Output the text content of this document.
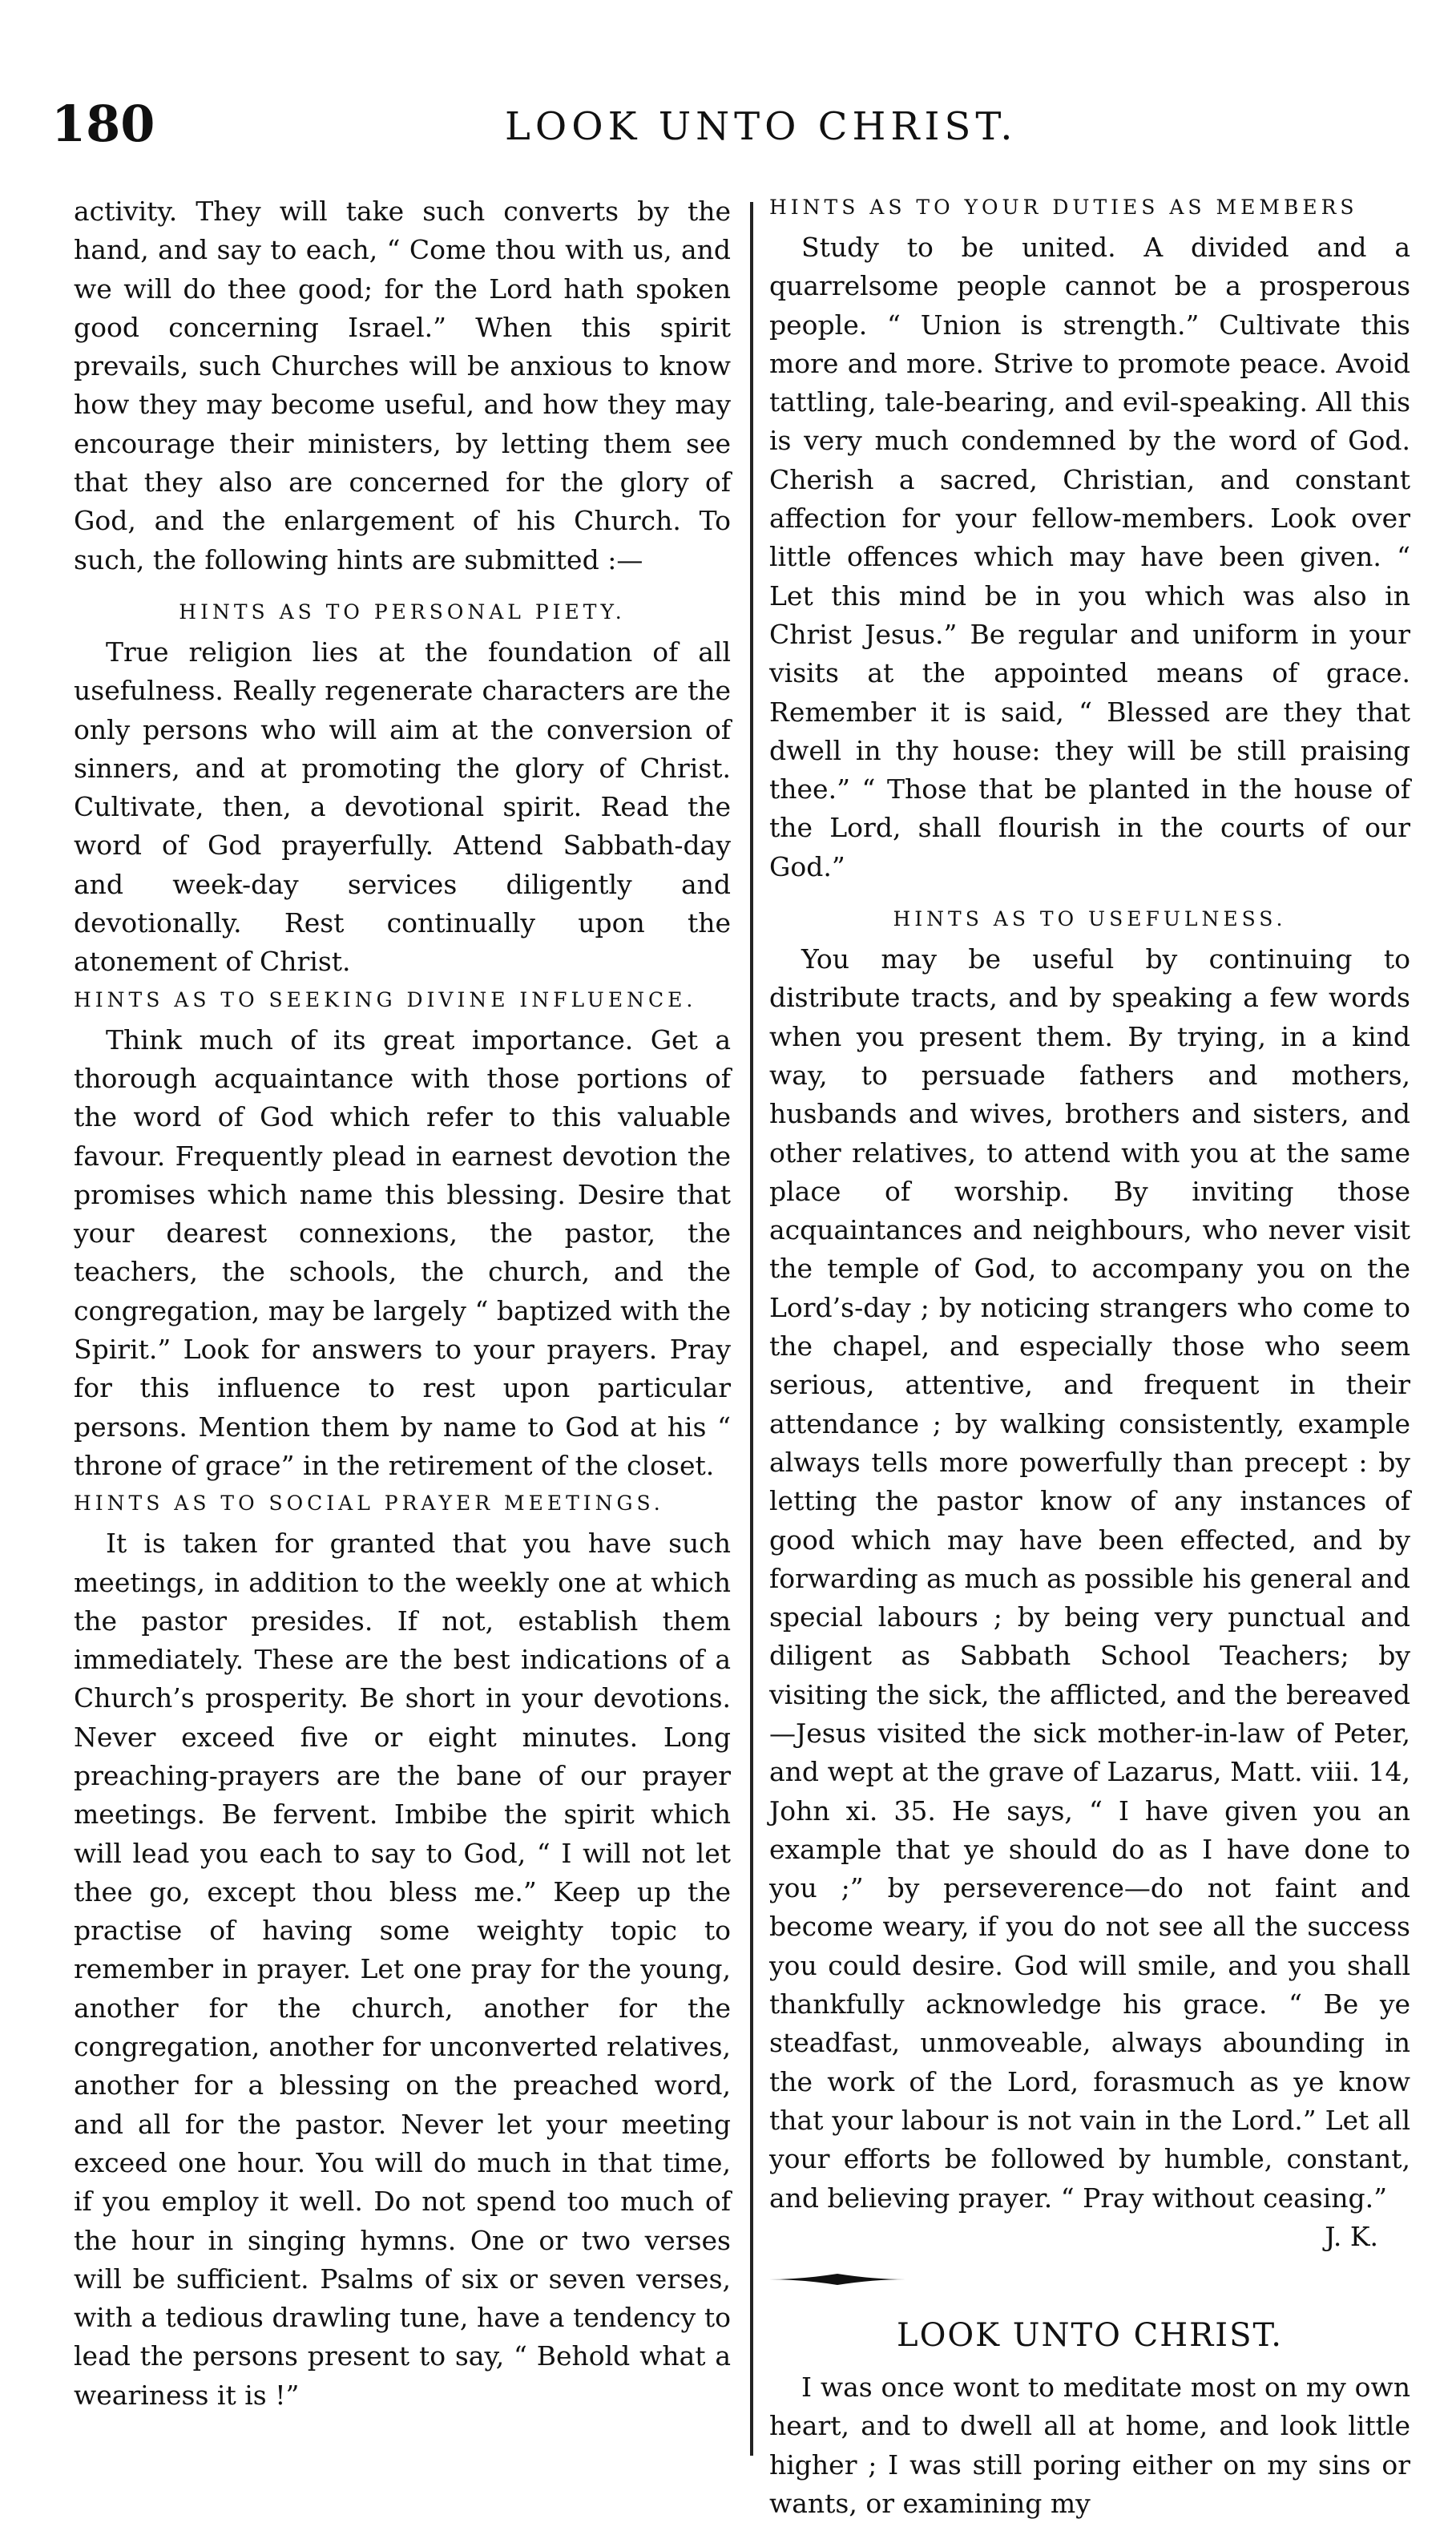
180	LOOK UNTO CHRIST.

activity. They will take such converts by the hand, and say to each, “ Come thou with us, and we will do thee good; for the Lord hath spoken good concerning Israel.” When this spirit prevails, such Churches will be anxious to know how they may become useful, and how they may encourage their ministers, by letting them see that they also are concerned for the glory of God, and the enlargement of his Church. To such, the following hints are submitted :—

HINTS AS TO PERSONAL PIETY.

True religion lies at the foundation of all usefulness. Really regenerate characters are the only persons who will aim at the conversion of sinners, and at promoting the glory of Christ. Cultivate, then, a devotional spirit. Read the word of God prayerfully. Attend Sabbath-day and week-day services diligently and devotionally. Rest continually upon the atonement of Christ.

HINTS AS TO SEEKING DIVINE INFLUENCE.

Think much of its great importance. Get a thorough acquaintance with those portions of the word of God which refer to this valuable favour. Frequently plead in earnest devotion the promises which name this blessing. Desire that your dearest connexions, the pastor, the teachers, the schools, the church, and the congregation, may be largely “ baptized with the Spirit.” Look for answers to your prayers. Pray for this influence to rest upon particular persons. Mention them by name to God at his “ throne of grace” in the retirement of the closet.

HINTS AS TO SOCIAL PRAYER MEETINGS.

It is taken for granted that you have such meetings, in addition to the weekly one at which the pastor presides. If not, establish them immediately. These are the best indications of a Church’s prosperity. Be short in your devotions. Never exceed five or eight minutes. Long preaching-prayers are the bane of our prayer meetings. Be fervent. Imbibe the spirit which will lead you each to say to God, “ I will not let thee go, except thou bless me.” Keep up the practise of having some weighty topic to remember in prayer. Let one pray for the young, another for the church, another for the congregation, another for unconverted relatives, another for a blessing on the preached word, and all for the pastor. Never let your meeting exceed one hour. You will do much in that time, if you employ it well. Do not spend too much of the hour in singing hymns. One or two verses will be sufficient. Psalms of six or seven verses, with a tedious drawling tune, have a tendency to lead the persons present to say, “ Behold what a weariness it is !”

HINTS AS TO YOUR DUTIES AS MEMBERS

Study to be united. A divided and a quarrelsome people cannot be a prosperous people. “ Union is strength.” Cultivate this more and more. Strive to promote peace. Avoid tattling, tale-bearing, and evil-speaking. All this is very much condemned by the word of God. Cherish a sacred, Christian, and constant affection for your fellow-members. Look over little offences which may have been given. “ Let this mind be in you which was also in Christ Jesus.” Be regular and uniform in your visits at the appointed means of grace. Remember it is said, “ Blessed are they that dwell in thy house: they will be still praising thee.” “ Those that be planted in the house of the Lord, shall flourish in the courts of our God.”

HINTS AS TO USEFULNESS.

You may be useful by continuing to distribute tracts, and by speaking a few words when you present them. By trying, in a kind way, to persuade fathers and mothers, husbands and wives, brothers and sisters, and other relatives, to attend with you at the same place of worship. By inviting those acquaintances and neighbours, who never visit the temple of God, to accompany you on the Lord’s-day ; by noticing strangers who come to the chapel, and especially those who seem serious, attentive, and frequent in their attendance ; by walking consistently, example always tells more powerfully than precept : by letting the pastor know of any instances of good which may have been effected, and by forwarding as much as possible his general and special labours ; by being very punctual and diligent as Sabbath School Teachers; by visiting the sick, the afflicted, and the bereaved—Jesus visited the sick mother-in-law of Peter, and wept at the grave of Lazarus, Matt. viii. 14, John xi. 35. He says, “ I have given you an example that ye should do as I have done to you ;” by perseverence—do not faint and become weary, if you do not see all the success you could desire. God will smile, and you shall thankfully acknowledge his grace. “ Be ye steadfast, unmoveable, always abounding in the work of the Lord, forasmuch as ye know that your labour is not vain in the Lord.” Let all your efforts be followed by humble, constant, and believing prayer. “ Pray without ceasing.”

J. K.

LOOK UNTO CHRIST.

I was once wont to meditate most on my own heart, and to dwell all at home, and look little higher ; I was still poring either on my sins or wants, or examining my
